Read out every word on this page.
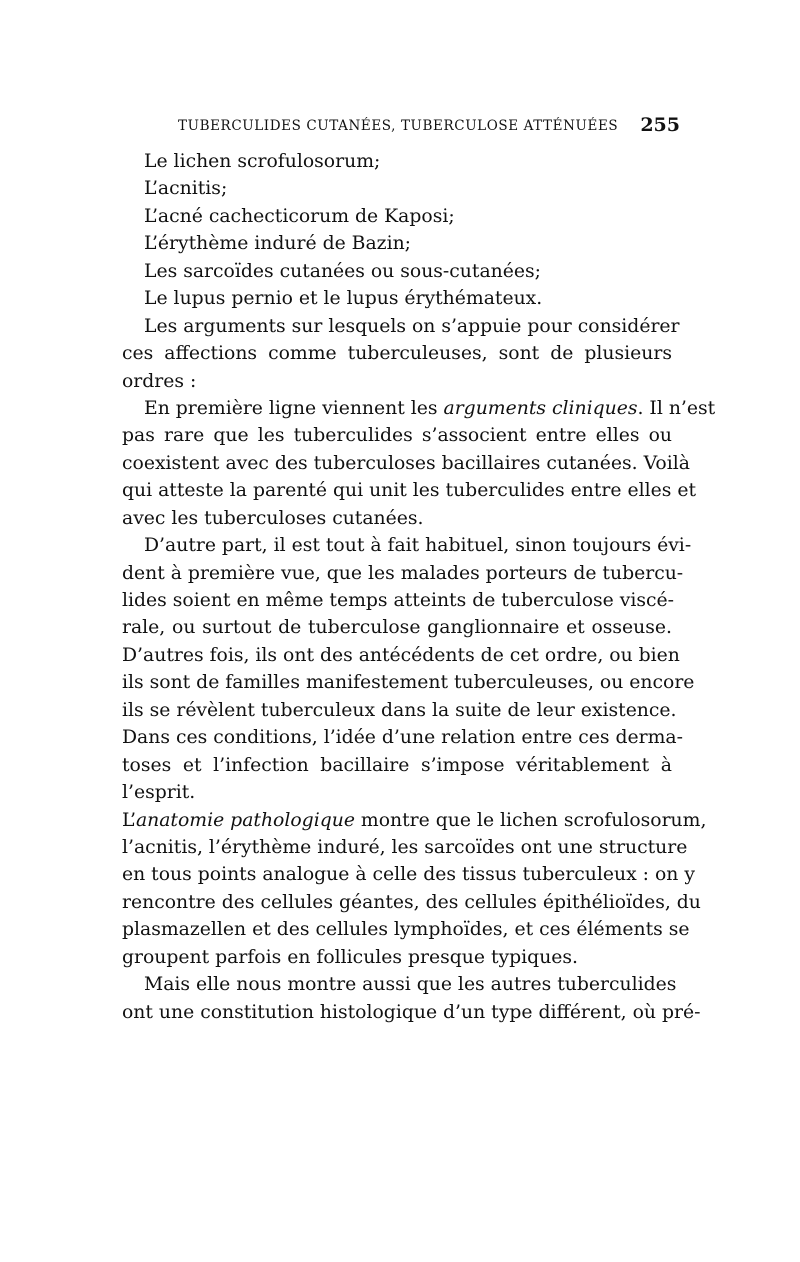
TUBERCULIDES CUTANÉES, TUBERCULOSE ATTÉNUÉES 255
Le lichen scrofulosorum;
L’acnitis;
L’acné cachecticorum de Kaposi;
L’érythème induré de Bazin;
Les sarcoïdes cutanées ou sous-cutanées;
Le lupus pernio et le lupus érythémateux.
Les arguments sur lesquels on s’appuie pour considérer
ces affections comme tuberculeuses, sont de plusieurs
ordres :
En première ligne viennent les arguments cliniques. Il n’est
pas rare que les tuberculides s’associent entre elles ou
coexistent avec des tuberculoses bacillaires cutanées. Voilà
qui atteste la parenté qui unit les tuberculides entre elles et
avec les tuberculoses cutanées.
D’autre part, il est tout à fait habituel, sinon toujours évi-
dent à première vue, que les malades porteurs de tubercu-
lides soient en même temps atteints de tuberculose viscé-
rale, ou surtout de tuberculose ganglionnaire et osseuse.
D’autres fois, ils ont des antécédents de cet ordre, ou bien
ils sont de familles manifestement tuberculeuses, ou encore
ils se révèlent tuberculeux dans la suite de leur existence.
Dans ces conditions, l’idée d’une relation entre ces derma-
toses et l’infection bacillaire s’impose véritablement à
l’esprit.
L’anatomie pathologique montre que le lichen scrofulosorum,
l’acnitis, l’érythème induré, les sarcoïdes ont une structure
en tous points analogue à celle des tissus tuberculeux : on y
rencontre des cellules géantes, des cellules épithélioïdes, du
plasmazellen et des cellules lymphoïdes, et ces éléments se
groupent parfois en follicules presque typiques.
Mais elle nous montre aussi que les autres tuberculides
ont une constitution histologique d’un type différent, où pré-
